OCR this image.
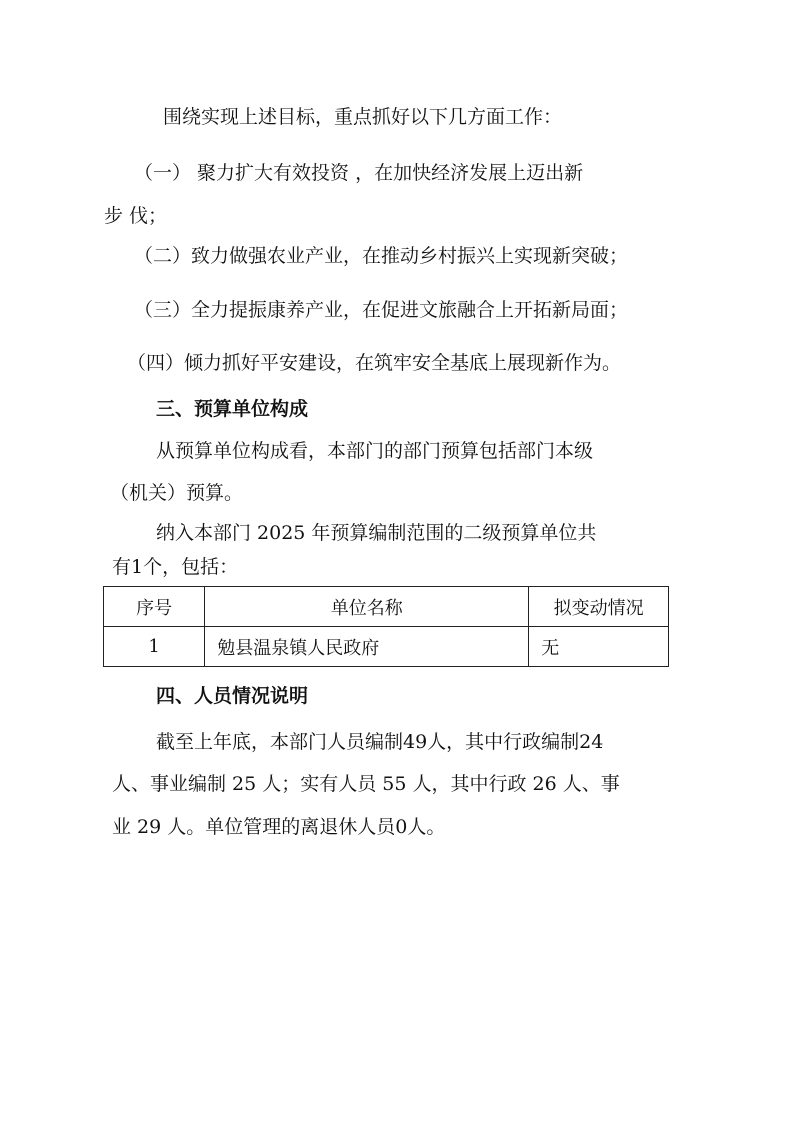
围绕实现上述目标，重点抓好以下几方面工作：
（一） 聚力扩大有效投资 ，在加快经济发展上迈出新
步 伐；
（二）致力做强农业产业，在推动乡村振兴上实现新突破；
（三）全力提振康养产业，在促进文旅融合上开拓新局面；
（四）倾力抓好平安建设，在筑牢安全基底上展现新作为。
三、预算单位构成
从预算单位构成看，本部门的部门预算包括部门本级
（机关）预算。
纳入本部门 2025 年预算编制范围的二级预算单位共
有1个，包括：
序号	单位名称	拟变动情况
1	勉县温泉镇人民政府	无
四、人员情况说明
截至上年底，本部门人员编制49人，其中行政编制24
人、事业编制 25 人；实有人员 55 人，其中行政 26 人、事
业 29 人。单位管理的离退休人员0人。
